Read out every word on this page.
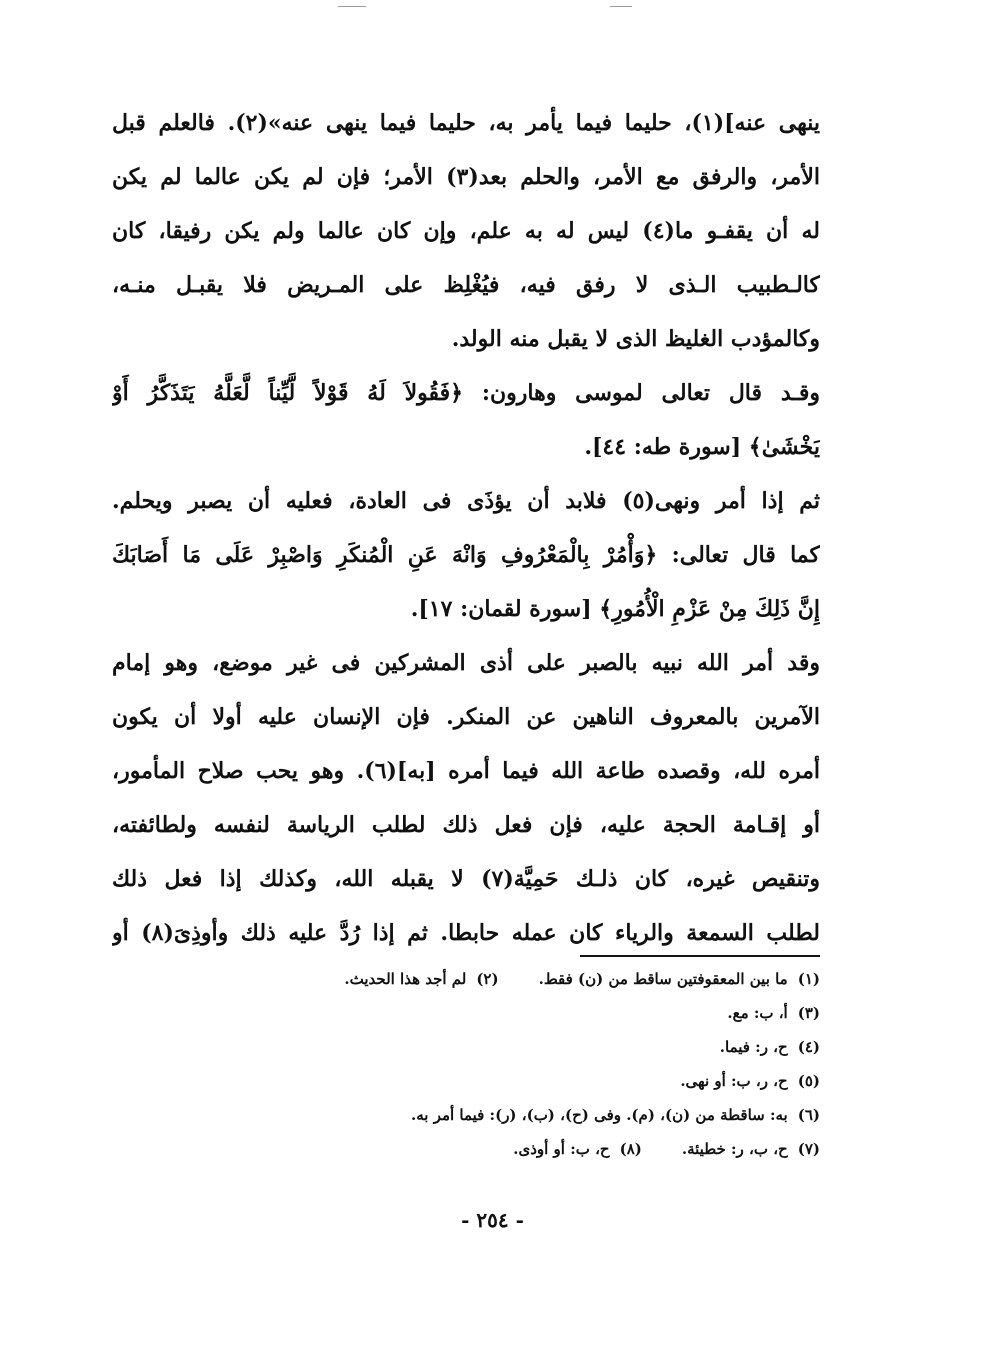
ينهى عنه](١)، حليما فيما يأمر به، حليما فيما ينهى عنه»(٢). فالعلم قبل
الأمر، والرفق مع الأمر، والحلم بعد(٣) الأمر؛ فإن لم يكن عالما لم يكن
له أن يقفـو ما(٤) ليس له به علم، وإن كان عالما ولم يكن رفيقا، كان
كالـطبيب الـذى لا رفق فيه، فيُغْلِظ على المـريض فلا يقبـل منـه،
وكالمؤدب الغليظ الذى لا يقبل منه الولد.
وقـد قال تعالى لموسى وهارون: ﴿فَقُولاَ لَهُ قَوْلاً لَّيِّناً لَّعَلَّهُ يَتَذَكَّرُ أَوْ
يَخْشَىٰ﴾ [سورة طه: ٤٤].
ثم إذا أمر ونهى(٥) فلابد أن يؤذَى فى العادة، فعليه أن يصبر ويحلم.
كما قال تعالى: ﴿وَأْمُرْ بِالْمَعْرُوفِ وَانْهَ عَنِ الْمُنكَرِ وَاصْبِرْ عَلَى مَا أَصَابَكَ
إِنَّ ذَلِكَ مِنْ عَزْمِ الْأُمُورِ﴾ [سورة لقمان: ١٧].
وقد أمر الله نبيه بالصبر على أذى المشركين فى غير موضع، وهو إمام
الآمرين بالمعروف الناهين عن المنكر. فإن الإنسان عليه أولا أن يكون
أمره لله، وقصده طاعة الله فيما أمره [به](٦). وهو يحب صلاح المأمور،
أو إقـامة الحجة عليه، فإن فعل ذلك لطلب الرياسة لنفسه ولطائفته،
وتنقيص غيره، كان ذلـك حَمِيَّة(٧) لا يقبله الله، وكذلك إذا فعل ذلك
لطلب السمعة والرياء كان عمله حابطا. ثم إذا رُدَّ عليه ذلك وأوذِىَ(٨) أو
(١)ما بين المعقوفتين ساقط من (ن) فقط.(٢)لم أجد هذا الحديث.
(٣)أ، ب: مع.
(٤)ح، ر: فيما.
(٥)ح، ر، ب: أو نهى.
(٦)به: ساقطة من (ن)، (م). وفى (ح)، (ب)، (ر): فيما أمر به.
(٧)ح، ب، ر: خطيئة.(٨)ح، ب: أو أوذى.
- ٢٥٤ -
